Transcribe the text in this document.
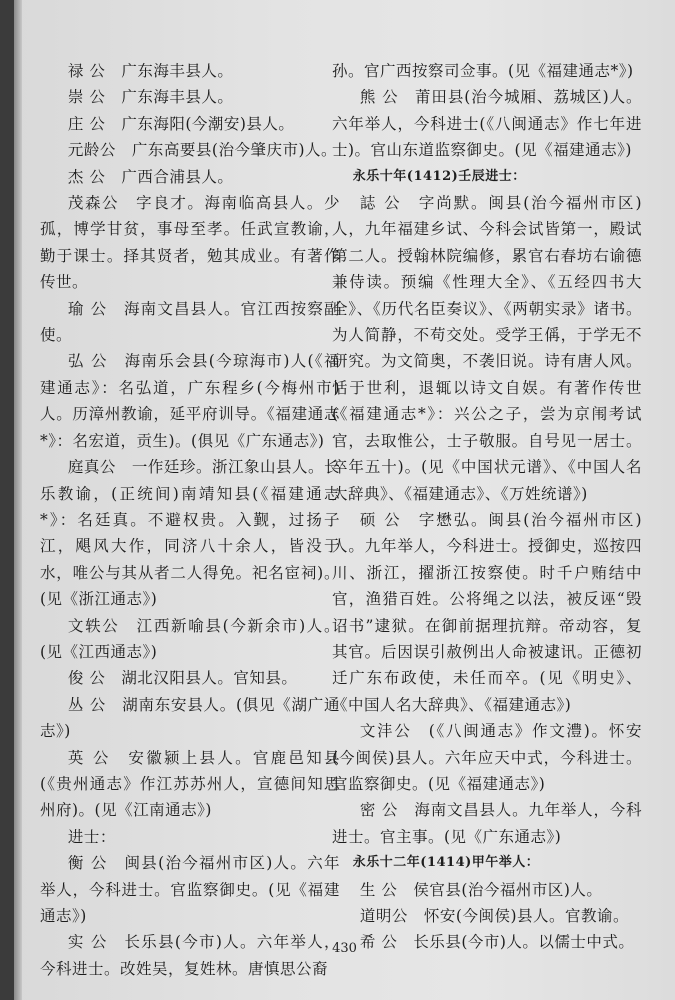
禄 公　广东海丰县人。
崇 公　广东海丰县人。
庄 公　广东海阳(今潮安)县人。
元龄公　广东高要县(治今肇庆市)人。
杰 公　广西合浦县人。
茂森公　字良才。海南临高县人。少孤，博学甘贫，事母至孝。任武宣教谕，勤于课士。择其贤者，勉其成业。有著作传世。
瑜 公　海南文昌县人。官江西按察副使。
弘 公　海南乐会县(今琼海市)人(《福建通志》：名弘道，广东程乡(今梅州市)人。历漳州教谕，延平府训导。《福建通志*》：名宏道，贡生)。(俱见《广东通志》)
庭真公　一作廷珍。浙江象山县人。长乐教谕，(正统间)南靖知县(《福建通志*》：名廷真。不避权贵。入觐，过扬子江，飓风大作，同济八十余人，皆没于水，唯公与其从者二人得免。祀名宦祠)。(见《浙江通志》)
文轶公　江西新喻县(今新余市)人。(见《江西通志》)
俊 公　湖北汉阳县人。官知县。
丛 公　湖南东安县人。(俱见《湖广通志》)
英 公　安徽颍上县人。官鹿邑知县(《贵州通志》作江苏苏州人，宣德间知思州府)。(见《江南通志》)
进士：
衡 公　闽县(治今福州市区)人。六年举人，今科进士。官监察御史。(见《福建通志》)
实 公　长乐县(今市)人。六年举人，今科进士。改姓吴，复姓林。唐慎思公裔
孙。官广西按察司佥事。(见《福建通志*》)
熊 公　莆田县(治今城厢、荔城区)人。六年举人，今科进士(《八闽通志》作七年进士)。官山东道监察御史。(见《福建通志》)
永乐十年(1412)壬辰进士：
誌 公　字尚默。闽县(治今福州市区)人，九年福建乡试、今科会试皆第一，殿试第二人。授翰林院编修，累官右春坊右谕德兼侍读。预编《性理大全》、《五经四书大全》、《历代名臣奏议》、《两朝实录》诸书。为人简静，不苟交处。受学王偁，于学无不研究。为文简奥，不袭旧说。诗有唐人风。恬于世利，退辄以诗文自娱。有著作传世(《福建通志*》：兴公之子，尝为京闱考试官，去取惟公，士子敬服。自号见一居士。卒年五十)。(见《中国状元谱》、《中国人名大辞典》、《福建通志》、《万姓统谱》)
硕 公　字懋弘。闽县(治今福州市区)人。九年举人，今科进士。授御史，巡按四川、浙江，擢浙江按察使。时千户贿结中官，渔猎百姓。公将绳之以法，被反诬“毁诏书”逮狱。在御前据理抗辩。帝动容，复其官。后因误引赦例出人命被逮讯。正德初迁广东布政使，未任而卒。(见《明史》、《中国人名大辞典》、《福建通志》)
文沣公　(《八闽通志》作文澧)。怀安(今闽侯)县人。六年应天中式，今科进士。官监察御史。(见《福建通志》)
密 公　海南文昌县人。九年举人，今科进士。官主事。(见《广东通志》)
永乐十二年(1414)甲午举人：
生 公　侯官县(治今福州市区)人。
道明公　怀安(今闽侯)县人。官教谕。
希 公　长乐县(今市)人。以儒士中式。
430
